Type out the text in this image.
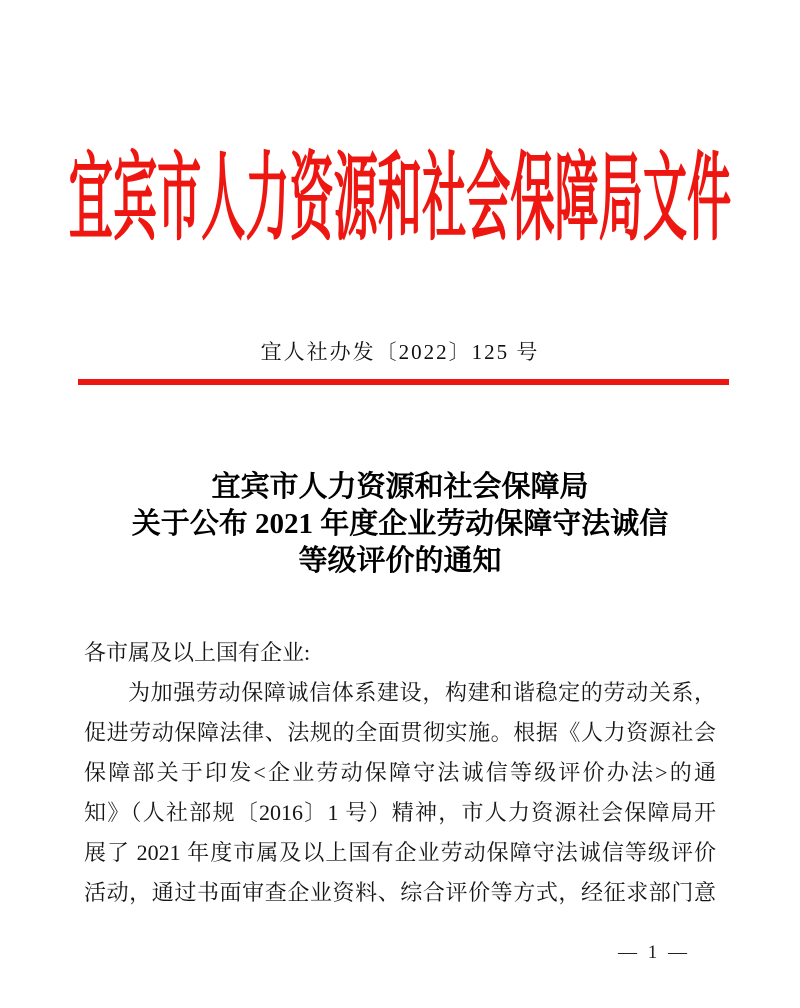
宜宾市人力资源和社会保障局文件
宜人社办发〔2022〕125 号
宜宾市人力资源和社会保障局
关于公布 2021 年度企业劳动保障守法诚信
等级评价的通知
各市属及以上国有企业:
为加强劳动保障诚信体系建设，构建和谐稳定的劳动关系，
促进劳动保障法律、法规的全面贯彻实施。根据《人力资源社会
保障部关于印发<企业劳动保障守法诚信等级评价办法>的通
知》（人社部规〔2016〕1 号）精神，市人力资源社会保障局开
展了 2021 年度市属及以上国有企业劳动保障守法诚信等级评价
活动，通过书面审查企业资料、综合评价等方式，经征求部门意
— 1 —
